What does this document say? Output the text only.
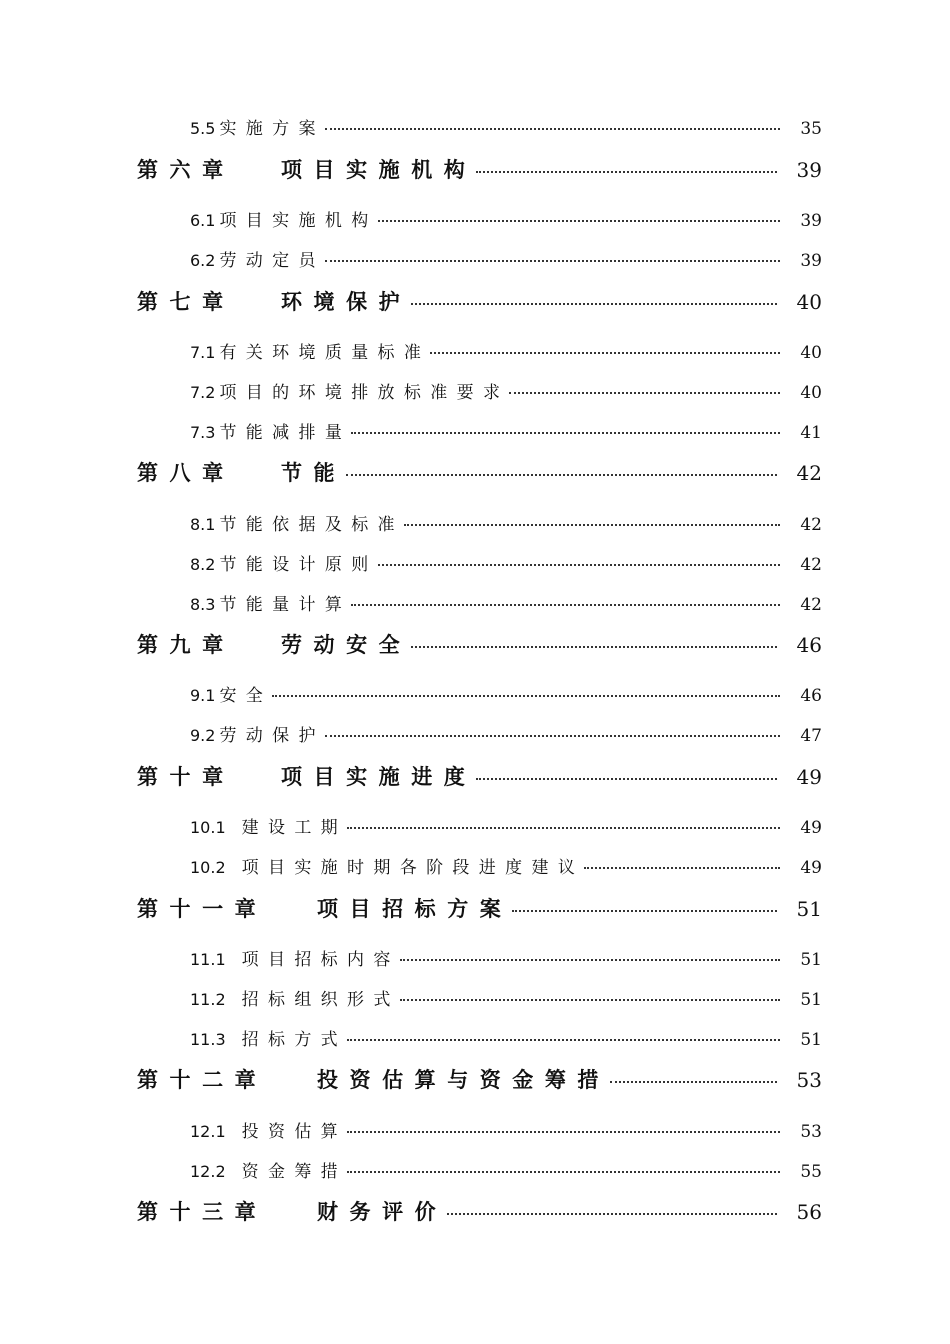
5.5 实施方案	35
第六章	项目实施机构	39
6.1 项目实施机构	39
6.2 劳动定员	39
第七章	环境保护	40
7.1 有关环境质量标准	40
7.2 项目的环境排放标准要求	40
7.3 节能减排量	41
第八章	节能	42
8.1 节能依据及标准	42
8.2 节能设计原则	42
8.3 节能量计算	42
第九章	劳动安全	46
9.1 安全	46
9.2 劳动保护	47
第十章	项目实施进度	49
10.1 建设工期	49
10.2 项目实施时期各阶段进度建议	49
第十一章	项目招标方案	51
11.1 项目招标内容	51
11.2 招标组织形式	51
11.3 招标方式	51
第十二章	投资估算与资金筹措	53
12.1 投资估算	53
12.2 资金筹措	55
第十三章	财务评价	56
